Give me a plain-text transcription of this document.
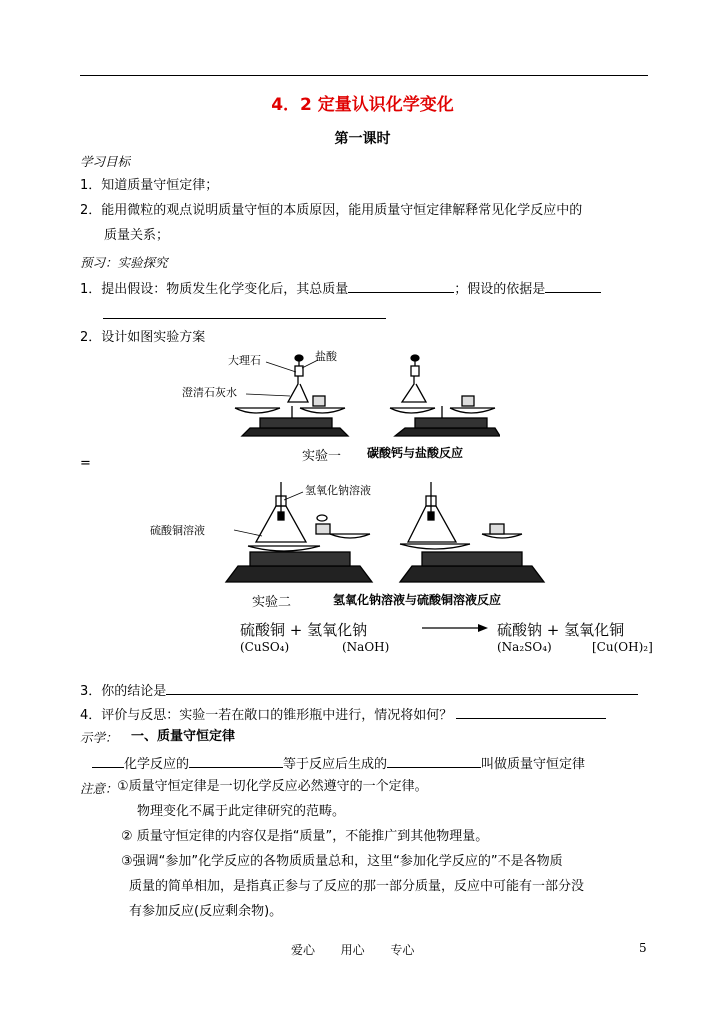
4．2 定量认识化学变化
第一课时
学习目标
1．知道质量守恒定律；
2．能用微粒的观点说明质量守恒的本质原因，能用质量守恒定律解释常见化学反应中的
质量关系；
预习：实验探究
1．提出假设：物质发生化学变化后，其总质量	；假设的依据是
2．设计如图实验方案
大理石	盐酸
澄清石灰水
实验一 碳酸钙与盐酸反应
=
氢氧化钠溶液
硫酸铜溶液
实验二	氢氧化钠溶液与硫酸铜溶液反应
硫酸铜 + 氢氧化钠	硫酸钠 + 氢氧化铜
(CuSO₄)	(NaOH)	(Na₂SO₄)	[Cu(OH)₂]
3．你的结论是
4．评价与反思：实验一若在敞口的锥形瓶中进行，情况将如何？
示学： 一、质量守恒定律
化学反应的	等于反应后生成的	叫做质量守恒定律
注意： ①质量守恒定律是一切化学反应必然遵守的一个定律。
物理变化不属于此定律研究的范畴。
② 质量守恒定律的内容仅是指“质量”，不能推广到其他物理量。
③强调“参加”化学反应的各物质质量总和，这里“参加化学反应的”不是各物质
质量的简单相加，是指真正参与了反应的那一部分质量，反应中可能有一部分没
有参加反应(反应剩余物)。
爱心 用心 专心	5
